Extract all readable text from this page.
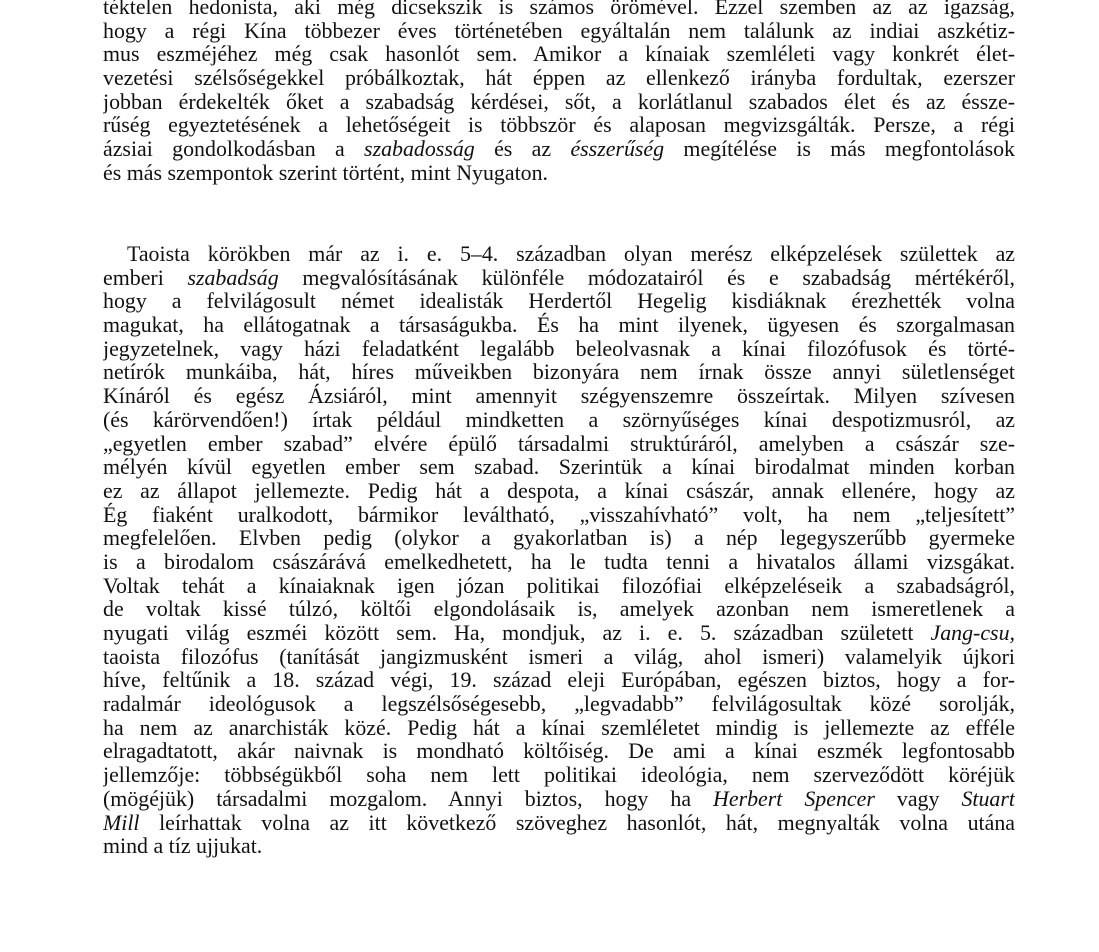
téktelen hedonista, aki még dicsekszik is számos örömével. Ezzel szemben az az igazság,
hogy a régi Kína többezer éves történetében egyáltalán nem találunk az indiai aszkétiz-
mus eszméjéhez még csak hasonlót sem. Amikor a kínaiak szemléleti vagy konkrét élet-
vezetési szélsőségekkel próbálkoztak, hát éppen az ellenkező irányba fordultak, ezerszer
jobban érdekelték őket a szabadság kérdései, sőt, a korlátlanul szabados élet és az éssze-
rűség egyeztetésének a lehetőségeit is többször és alaposan megvizsgálták. Persze, a régi
ázsiai gondolkodásban a szabadosság és az ésszerűség megítélése is más megfontolások
és más szempontok szerint történt, mint Nyugaton.
Taoista körökben már az i. e. 5–4. században olyan merész elképzelések születtek az
emberi szabadság megvalósításának különféle módozatairól és e szabadság mértékéről,
hogy a felvilágosult német idealisták Herdertől Hegelig kisdiáknak érezhették volna
magukat, ha ellátogatnak a társaságukba. És ha mint ilyenek, ügyesen és szorgalmasan
jegyzetelnek, vagy házi feladatként legalább beleolvasnak a kínai filozófusok és törté-
netírók munkáiba, hát, híres műveikben bizonyára nem írnak össze annyi sületlenséget
Kínáról és egész Ázsiáról, mint amennyit szégyenszemre összeírtak. Milyen szívesen
(és kárörvendően!) írtak például mindketten a szörnyűséges kínai despotizmusról, az
„egyetlen ember szabad” elvére épülő társadalmi struktúráról, amelyben a császár sze-
mélyén kívül egyetlen ember sem szabad. Szerintük a kínai birodalmat minden korban
ez az állapot jellemezte. Pedig hát a despota, a kínai császár, annak ellenére, hogy az
Ég fiaként uralkodott, bármikor leváltható, „visszahívható” volt, ha nem „teljesített”
megfelelően. Elvben pedig (olykor a gyakorlatban is) a nép legegyszerűbb gyermeke
is a birodalom császárává emelkedhetett, ha le tudta tenni a hivatalos állami vizsgákat.
Voltak tehát a kínaiaknak igen józan politikai filozófiai elképzeléseik a szabadságról,
de voltak kissé túlzó, költői elgondolásaik is, amelyek azonban nem ismeretlenek a
nyugati világ eszméi között sem. Ha, mondjuk, az i. e. 5. században született Jang-csu,
taoista filozófus (tanítását jangizmusként ismeri a világ, ahol ismeri) valamelyik újkori
híve, feltűnik a 18. század végi, 19. század eleji Európában, egészen biztos, hogy a for-
radalmár ideológusok a legszélsőségesebb, „legvadabb” felvilágosultak közé sorolják,
ha nem az anarchisták közé. Pedig hát a kínai szemléletet mindig is jellemezte az efféle
elragadtatott, akár naivnak is mondható költőiség. De ami a kínai eszmék legfontosabb
jellemzője: többségükből soha nem lett politikai ideológia, nem szerveződött köréjük
(mögéjük) társadalmi mozgalom. Annyi biztos, hogy ha Herbert Spencer vagy Stuart
Mill leírhattak volna az itt következő szöveghez hasonlót, hát, megnyalták volna utána
mind a tíz ujjukat.
